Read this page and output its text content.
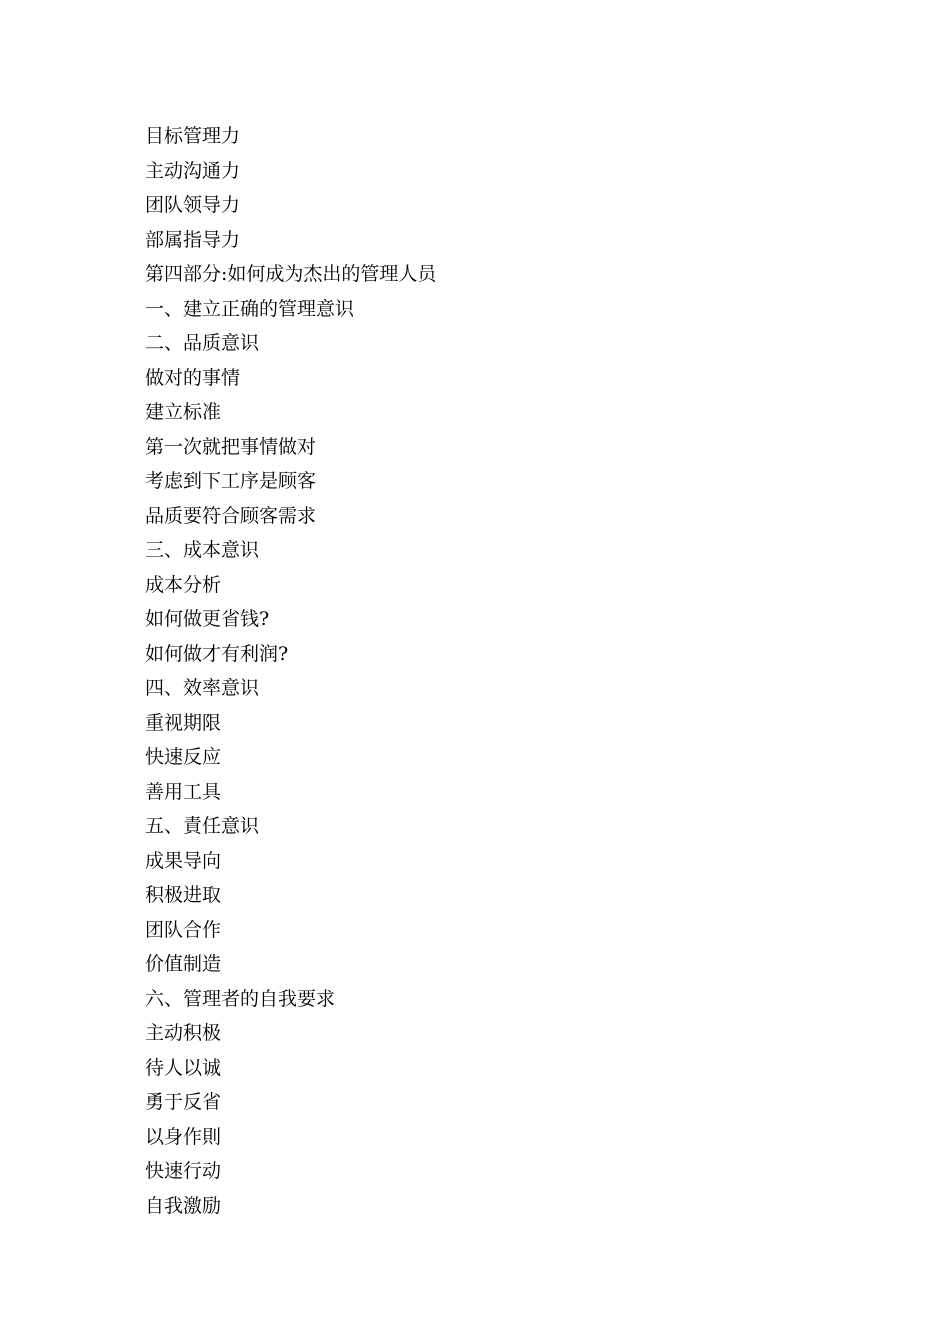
目标管理力
主动沟通力
团队领导力
部属指导力
第四部分:如何成为杰出的管理人员
一、建立正确的管理意识
二、品质意识
做对的事情
建立标准
第一次就把事情做对
考虑到下工序是顾客
品质要符合顾客需求
三、成本意识
成本分析
如何做更省钱?
如何做才有利润?
四、效率意识
重视期限
快速反应
善用工具
五、責任意识
成果导向
积极进取
团队合作
价值制造
六、管理者的自我要求
主动积极
待人以诚
勇于反省
以身作則
快速行动
自我激励
